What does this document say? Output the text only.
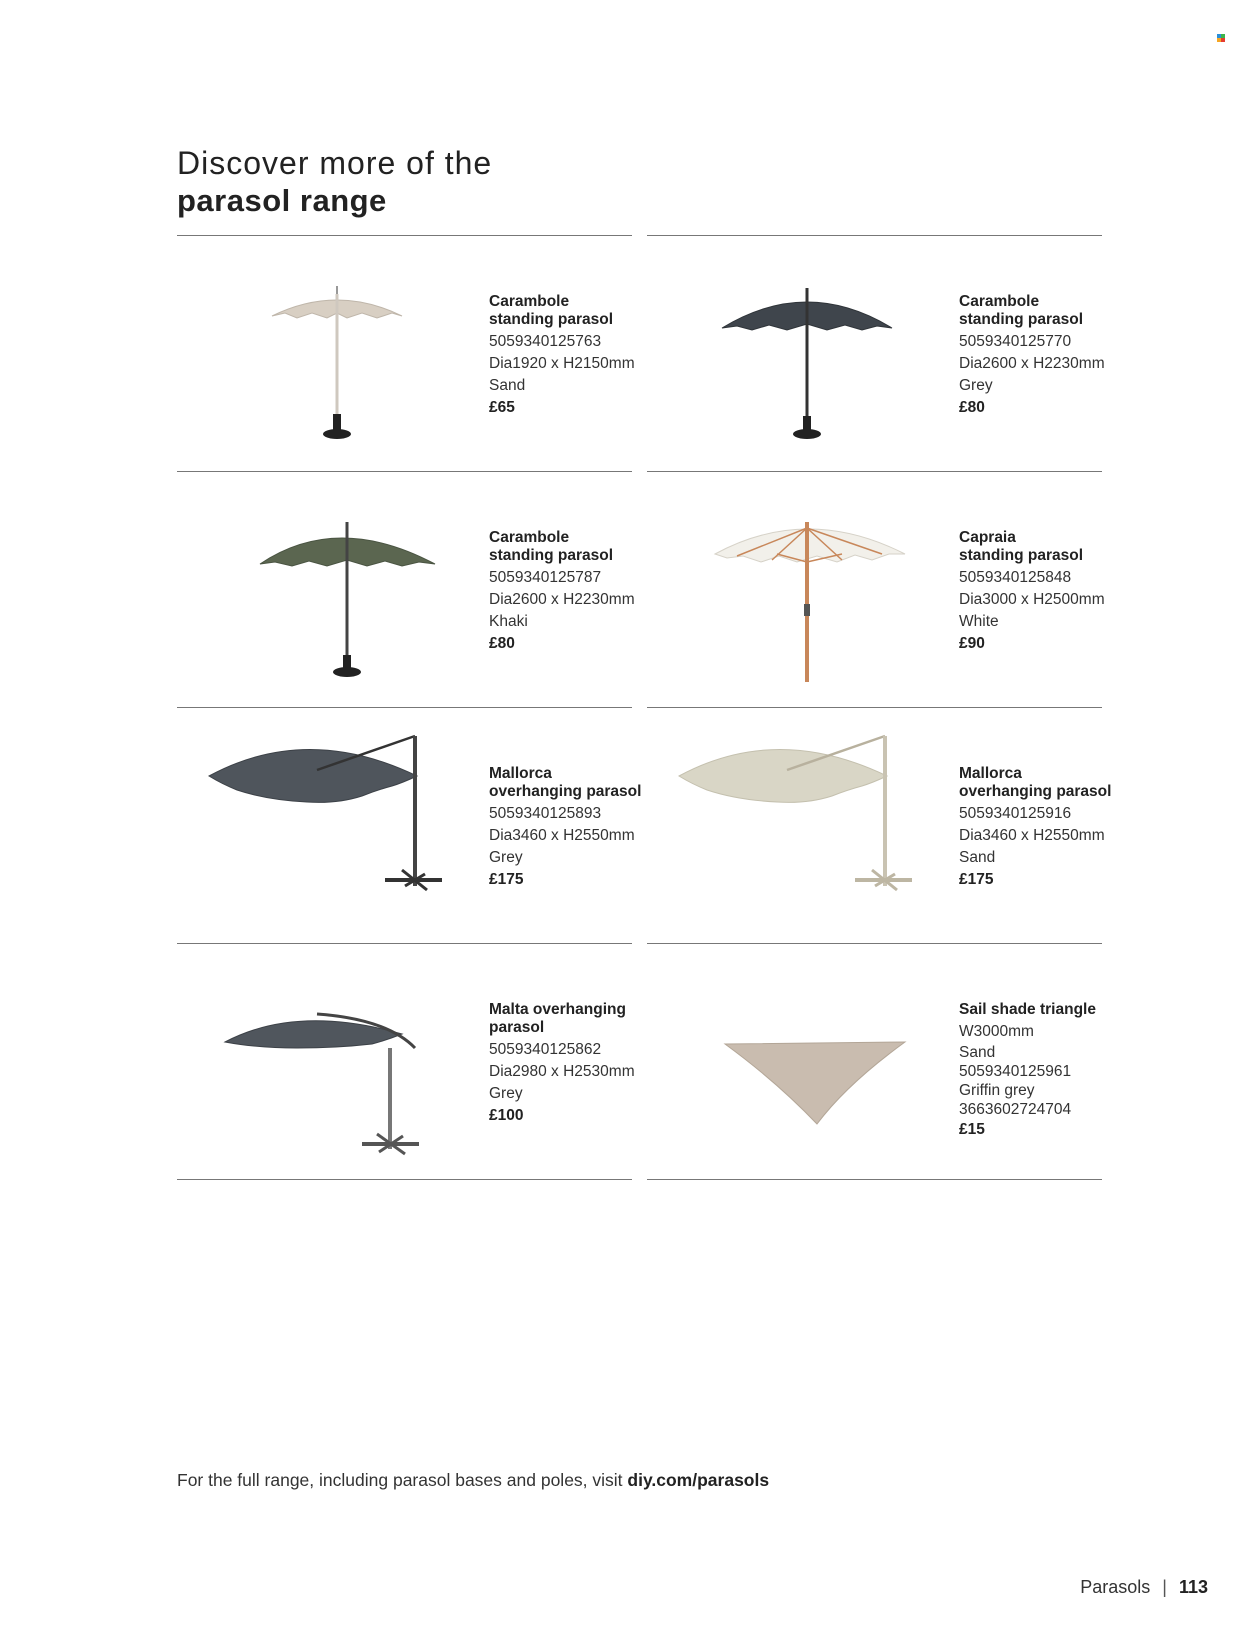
Discover more of the
parasol range
Carambole
standing parasol
5059340125763
Dia1920 x H2150mm
Sand
£65
Carambole
standing parasol
5059340125770
Dia2600 x H2230mm
Grey
£80
Carambole
standing parasol
5059340125787
Dia2600 x H2230mm
Khaki
£80
Capraia
standing parasol
5059340125848
Dia3000 x H2500mm
White
£90
Mallorca
overhanging parasol
5059340125893
Dia3460 x H2550mm
Grey
£175
Mallorca
overhanging parasol
5059340125916
Dia3460 x H2550mm
Sand
£175
Malta overhanging
parasol
5059340125862
Dia2980 x H2530mm
Grey
£100
Sail shade triangle
W3000mm
Sand
5059340125961
Griffin grey
3663602724704
£15
For the full range, including parasol bases and poles, visit diy.com/parasols
Parasols | 113
